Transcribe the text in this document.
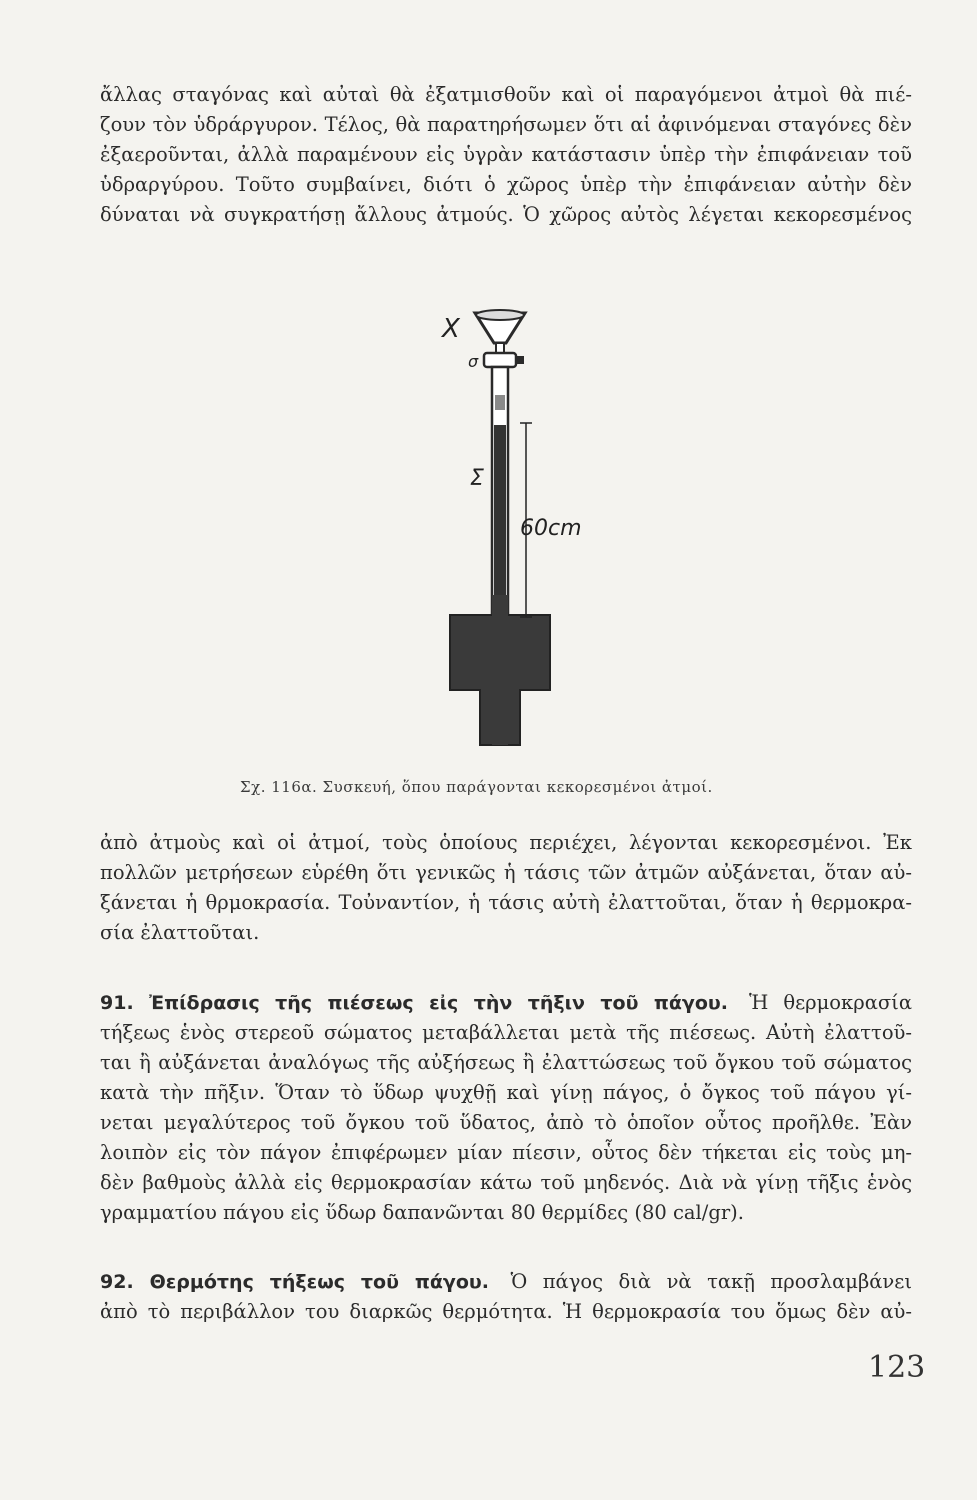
ἄλλας σταγόνας καὶ αὐταὶ θὰ ἐξατμισθοῦν καὶ οἱ παραγόμενοι ἀτμοὶ θὰ πιέ-
ζουν τὸν ὑδράργυρον. Τέλος, θὰ παρατηρήσωμεν ὅτι αἱ ἀφινόμεναι σταγόνες δὲν
ἐξαεροῦνται, ἀλλὰ παραμένουν εἰς ὑγρὰν κατάστασιν ὑπὲρ τὴν ἐπιφάνειαν τοῦ
ὑδραργύρου. Τοῦτο συμβαίνει, διότι ὁ χῶρος ὑπὲρ τὴν ἐπιφάνειαν αὐτὴν δὲν
δύναται νὰ συγκρατήσῃ ἄλλους ἀτμούς. Ὁ χῶρος αὐτὸς λέγεται κεκορεσμένος
X
σ
Σ
60cm
Σχ. 116α. Συσκευή, ὅπου παράγονται κεκορεσμένοι ἀτμοί.
ἀπὸ ἀτμοὺς καὶ οἱ ἀτμοί, τοὺς ὁποίους περιέχει, λέγονται κεκορεσμένοι. Ἐκ
πολλῶν μετρήσεων εὑρέθη ὅτι γενικῶς ἡ τάσις τῶν ἀτμῶν αὐξάνεται, ὅταν αὐ-
ξάνεται ἡ θρμοκρασία. Τοὐναντίον, ἡ τάσις αὐτὴ ἐλαττοῦται, ὅταν ἡ θερμοκρα-
σία ἐλαττοῦται.
91. Ἐπίδρασις τῆς πιέσεως εἰς τὴν τῆξιν τοῦ πάγου. Ἡ θερμοκρασία
τήξεως ἑνὸς στερεοῦ σώματος μεταβάλλεται μετὰ τῆς πιέσεως. Αὐτὴ ἐλαττοῦ-
ται ἢ αὐξάνεται ἀναλόγως τῆς αὐξήσεως ἢ ἐλαττώσεως τοῦ ὄγκου τοῦ σώματος
κατὰ τὴν πῆξιν. Ὅταν τὸ ὕδωρ ψυχθῇ καὶ γίνῃ πάγος, ὁ ὄγκος τοῦ πάγου γί-
νεται μεγαλύτερος τοῦ ὄγκου τοῦ ὕδατος, ἀπὸ τὸ ὁποῖον οὗτος προῆλθε. Ἐὰν
λοιπὸν εἰς τὸν πάγον ἐπιφέρωμεν μίαν πίεσιν, οὗτος δὲν τήκεται εἰς τοὺς μη-
δὲν βαθμοὺς ἀλλὰ εἰς θερμοκρασίαν κάτω τοῦ μηδενός. Διὰ νὰ γίνῃ τῆξις ἑνὸς
γραμματίου πάγου εἰς ὕδωρ δαπανῶνται 80 θερμίδες (80 cal/gr).
92. Θερμότης τήξεως τοῦ πάγου. Ὁ πάγος διὰ νὰ τακῇ προσλαμβάνει
ἀπὸ τὸ περιβάλλον του διαρκῶς θερμότητα. Ἡ θερμοκρασία του ὅμως δὲν αὐ-
123
